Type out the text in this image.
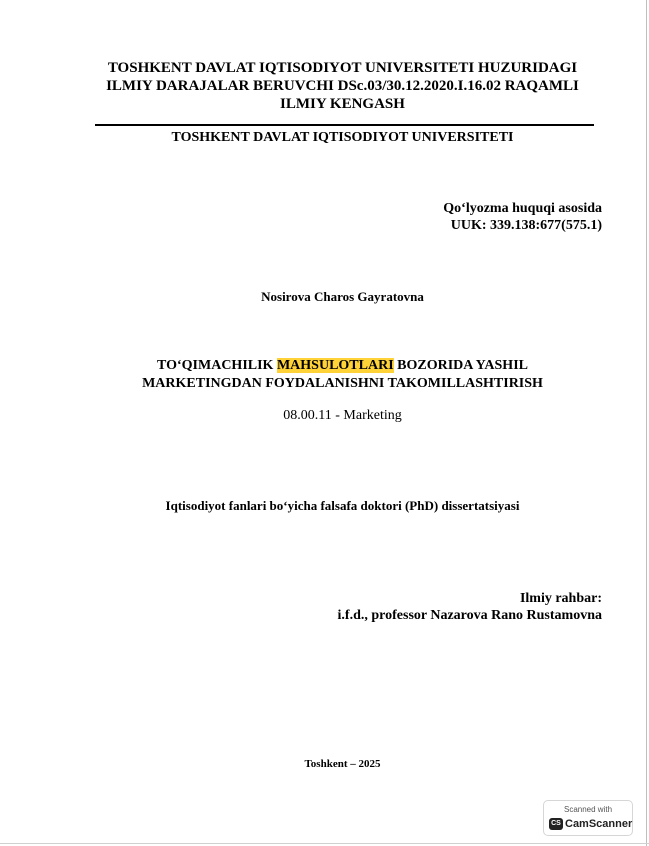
TOSHKENT DAVLAT IQTISODIYOT UNIVERSITETI HUZURIDAGI
ILMIY DARAJALAR BERUVCHI DSc.03/30.12.2020.I.16.02 RAQAMLI
ILMIY KENGASH
TOSHKENT DAVLAT IQTISODIYOT UNIVERSITETI
Qo‘lyozma huquqi asosida
UUK: 339.138:677(575.1)
Nosirova Charos Gayratovna
TO‘QIMACHILIK MAHSULOTLARI BOZORIDA YASHIL
MARKETINGDAN FOYDALANISHNI TAKOMILLASHTIRISH
08.00.11 - Marketing
Iqtisodiyot fanlari bo‘yicha falsafa doktori (PhD) dissertatsiyasi
Ilmiy rahbar:
i.f.d., professor Nazarova Rano Rustamovna
Toshkent – 2025
Scanned with
CS CamScanner
